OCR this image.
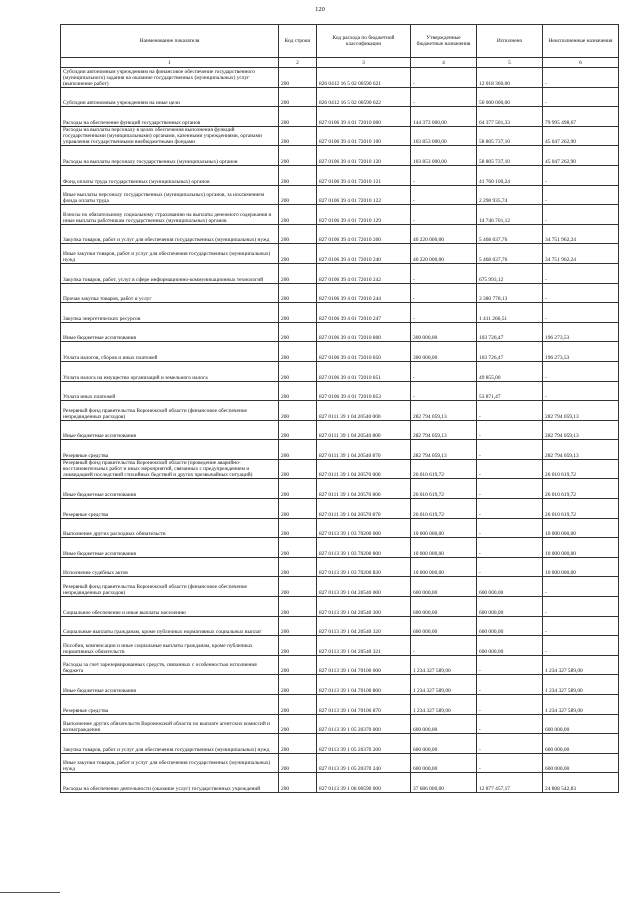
120
Наименование показателя	Код строки	Код расхода по бюджетной классификации	Утвержденные бюджетные назначения	Исполнено	Неисполненные назначения
1	2	3	4	5	6
Субсидии автономным учреждениям на финансовое обеспечение государственного (муниципального) задания на оказание государственных (муниципальных) услуг (выполнение работ)	200	826 0412 16 5 02 00590 621	-	12 018 360,00	-
Субсидии автономным учреждениям на иные цели	200	826 0412 16 5 02 00590 622	-	50 000 000,00	-
Расходы на обеспечение функций государственных органов	200	827 0106 39 4 01 72010 000	144 373 000,00	64 377 501,33	79 995 498,67
Расходы на выплаты персоналу в целях обеспечения выполнения функций государственными (муниципальными) органами, казенными учреждениями, органами управления государственными внебюджетными фондами	200	827 0106 39 4 01 72010 100	103 853 000,00	58 805 737,10	45 047 262,90
Расходы на выплаты персоналу государственных (муниципальных) органов	200	827 0106 39 4 01 72010 120	103 853 000,00	58 805 737,10	45 047 262,90
Фонд оплаты труда государственных (муниципальных) органов	200	827 0106 39 4 01 72010 121	-	41 760 100,24	-
Иные выплаты персоналу государственных (муниципальных) органов, за исключением фонда оплаты труда	200	827 0106 39 4 01 72010 122	-	2 298 935,74	-
Взносы по обязательному социальному страхованию на выплаты денежного содержания и иные выплаты работникам государственных (муниципальных) органов	200	827 0106 39 4 01 72010 129	-	14 746 701,12	-
Закупка товаров, работ и услуг для обеспечения государственных (муниципальных) нужд	200	827 0106 39 4 01 72010 200	40 220 000,00	5 468 037,76	34 751 962,24
Иные закупки товаров, работ и услуг для обеспечения государственных (муниципальных) нужд	200	827 0106 39 4 01 72010 240	40 220 000,00	5 468 037,76	34 751 962,24
Закупка товаров, работ, услуг в сфере информационно-коммуникационных технологий	200	827 0106 39 4 01 72010 242	-	675 993,12	-
Прочая закупка товаров, работ и услуг	200	827 0106 39 4 01 72010 244	-	3 380 778,13	-
Закупка энергетических ресурсов	200	827 0106 39 4 01 72010 247	-	1 411 266,51	-
Иные бюджетные ассигнования	200	827 0106 39 4 01 72010 800	300 000,00	103 726,47	196 273,53
Уплата налогов, сборов и иных платежей	200	827 0106 39 4 01 72010 850	300 000,00	103 726,47	196 273,53
Уплата налога на имущество организаций и земельного налога	200	827 0106 39 4 01 72010 851	-	49 855,00	-
Уплата иных платежей	200	827 0106 39 4 01 72010 853	-	53 871,47	-
Резервный фонд правительства Воронежской области (финансовое обеспечение непредвиденных расходов)	200	827 0111 39 1 04 20540 000	282 794 059,13	-	282 794 059,13
Иные бюджетные ассигнования	200	827 0111 39 1 04 20540 800	282 794 059,13	-	282 794 059,13
Резервные средства	200	827 0111 39 1 04 20540 870	282 794 059,13	-	282 794 059,13
Резервный фонд правительства Воронежской области (проведение аварийно-восстановительных работ и иных мероприятий, связанных с предупреждением и ликвидацией последствий стихийных бедствий и других чрезвычайных ситуаций)	200	827 0111 39 1 04 20570 000	26 010 619,72	-	26 010 619,72
Иные бюджетные ассигнования	200	827 0111 39 1 04 20570 800	26 010 619,72	-	26 010 619,72
Резервные средства	200	827 0111 39 1 04 20570 870	26 010 619,72	-	26 010 619,72
Выполнение других расходных обязательств	200	827 0113 39 1 03 70200 000	10 000 000,00	-	10 000 000,00
Иные бюджетные ассигнования	200	827 0113 39 1 03 70200 800	10 000 000,00	-	10 000 000,00
Исполнение судебных актов	200	827 0113 39 1 03 70200 830	10 000 000,00	-	10 000 000,00
Резервный фонд правительства Воронежской области (финансовое обеспечение непредвиденных расходов)	200	827 0113 39 1 04 20540 000	600 000,00	600 000,00	-
Социальное обеспечение и иные выплаты населению	200	827 0113 39 1 04 20540 300	600 000,00	600 000,00	-
Социальные выплаты гражданам, кроме публичных нормативных социальных выплат	200	827 0113 39 1 04 20540 320	600 000,00	600 000,00	-
Пособия, компенсации и иные социальные выплаты гражданам, кроме публичных нормативных обязательств	200	827 0113 39 1 04 20540 321	-	600 000,00	-
Расходы за счет зарезервированных средств, связанных с особенностью исполнения бюджета	200	827 0113 39 1 04 70100 000	1 234 327 589,00	-	1 234 327 589,00
Иные бюджетные ассигнования	200	827 0113 39 1 04 70100 800	1 234 327 589,00	-	1 234 327 589,00
Резервные средства	200	827 0113 39 1 04 70100 870	1 234 327 589,00	-	1 234 327 589,00
Выполнение других обязательств Воронежской области по выплате агентских комиссий и вознаграждения	200	827 0113 39 1 05 20370 000	600 000,00	-	600 000,00
Закупка товаров, работ и услуг для обеспечения государственных (муниципальных) нужд	200	827 0113 39 1 05 20370 200	600 000,00	-	600 000,00
Иные закупки товаров, работ и услуг для обеспечения государственных (муниципальных) нужд	200	827 0113 39 1 05 20370 240	600 000,00	-	600 000,00
Расходы на обеспечение деятельности (оказание услуг) государственных учреждений	200	827 0113 39 1 08 00590 000	37 686 000,00	12 877 457,17	24 808 542,83
